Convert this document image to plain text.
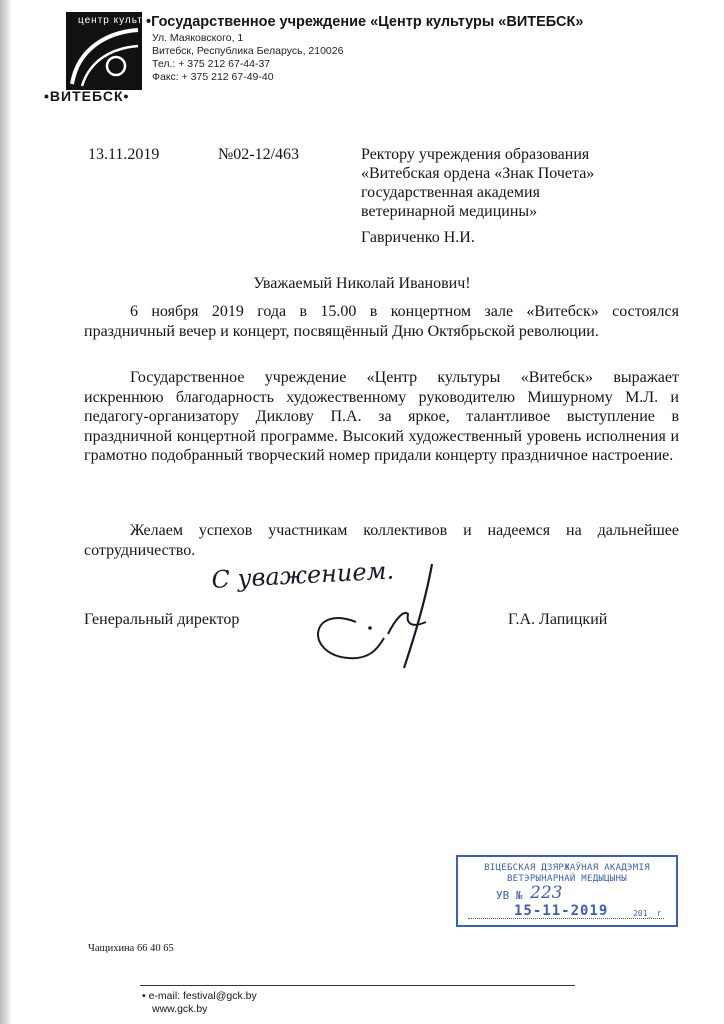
центр культуры
•ВИТЕБСК•
•Государственное учреждение «Центр культуры «ВИТЕБСК»
Ул. Маяковского, 1
Витебск, Республика Беларусь, 210026
Тел.: + 375 212 67-44-37
Факс: + 375 212 67-49-40
13.11.2019	№02-12/463	Ректору учреждения образования
«Витебская ордена «Знак Почета»
государственная академия
ветеринарной медицины»
Гавриченко Н.И.
Уважаемый Николай Иванович!
6 ноября 2019 года в 15.00 в концертном зале «Витебск» состоялся праздничный вечер и концерт, посвящённый Дню Октябрьской революции.
Государственное учреждение «Центр культуры «Витебск» выражает искреннюю благодарность художественному руководителю Мишурному М.Л. и педагогу-организатору Диклову П.А. за яркое, талантливое выступление в праздничной концертной программе. Высокий художественный уровень исполнения и грамотно подобранный творческий номер придали концерту праздничное настроение.
Желаем успехов участникам коллективов и надеемся на дальнейшее сотрудничество.
С уважением.
Генеральный директор	Г.А. Лапицкий
ВІЦЕБСКАЯ ДЗЯРЖАЎНАЯ АКАДЭМІЯ
ВЕТЭРЫНАРНАЙ МЕДЫЦЫНЫ
УВ № 223
15-11-2019	201_ г
Чащихина 66 40 65
• e-mail: festival@gck.by
www.gck.by
